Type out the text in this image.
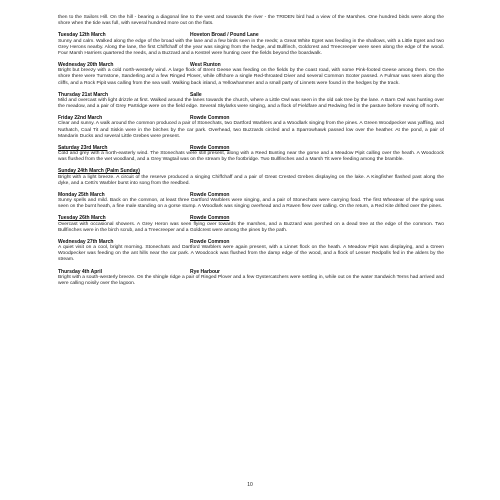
then to the Sailors Hill. On the hill - bearing a diagonal line to the west and towards the river - the TRIDEN bird had a view of the Marshes. One hundred birds were along the shore when the tide was full, with several hundred more out on the flats.

Tuesday 12th March	Hoveton Broad / Pound Lane

Sunny and calm. Walked along the edge of the broad with the lane and a few birds seen in the reeds; a Great White Egret was feeding in the shallows, with a Little Egret and two Grey Herons nearby. Along the lane, the first Chiffchaff of the year was singing from the hedge, and Bullfinch, Goldcrest and Treecreeper were seen along the edge of the wood. Four Marsh Harriers quartered the reeds, and a Buzzard and a Kestrel were hunting over the fields beyond the boardwalk.

Wednesday 20th March	West Runton

Bright but breezy with a cold north-westerly wind. A large flock of Brent Geese was feeding on the fields by the coast road, with some Pink-footed Geese among them. On the shore there were Turnstone, Sanderling and a few Ringed Plover, while offshore a single Red-throated Diver and several Common Scoter passed. A Fulmar was seen along the cliffs, and a Rock Pipit was calling from the sea wall. Walking back inland, a Yellowhammer and a small party of Linnets were found in the hedges by the track.

Thursday 21st March	Salle

Mild and overcast with light drizzle at first. Walked around the lanes towards the church, where a Little Owl was seen in the old oak tree by the lane. A Barn Owl was hunting over the meadow, and a pair of Grey Partridge were on the field edge. Several Skylarks were singing, and a flock of Fieldfare and Redwing fed in the pasture before moving off north.

Friday 22nd March	Rowde Common

Clear and sunny. A walk around the common produced a pair of Stonechats, two Dartford Warblers and a Woodlark singing from the pines. A Green Woodpecker was yaffling, and Nuthatch, Coal Tit and Siskin were in the birches by the car park. Overhead, two Buzzards circled and a Sparrowhawk passed low over the heather. At the pond, a pair of Mandarin Ducks and several Little Grebes were present.

Saturday 23rd March	Rowde Common

Cold and grey with a north-easterly wind. The Stonechats were still present, along with a Reed Bunting near the gorse and a Meadow Pipit calling over the heath. A Woodcock was flushed from the wet woodland, and a Grey Wagtail was on the stream by the footbridge. Two Bullfinches and a Marsh Tit were feeding among the bramble.

Sunday 24th March (Palm Sunday)

Bright with a light breeze. A circuit of the reserve produced a singing Chiffchaff and a pair of Great Crested Grebes displaying on the lake. A Kingfisher flashed past along the dyke, and a Cetti's Warbler burst into song from the reedbed.

Monday 25th March	Rowde Common

Sunny spells and mild. Back on the common, at least three Dartford Warblers were singing, and a pair of Stonechats were carrying food. The first Wheatear of the spring was seen on the burnt heath, a fine male standing on a gorse stump. A Woodlark was singing overhead and a Raven flew over calling. On the return, a Red Kite drifted over the pines.

Tuesday 26th March	Rowde Common

Overcast with occasional showers. A Grey Heron was seen flying over towards the marshes, and a Buzzard was perched on a dead tree at the edge of the common. Two Bullfinches were in the birch scrub, and a Treecreeper and a Goldcrest were among the pines by the path.

Wednesday 27th March	Rowde Common

A quiet visit on a cool, bright morning. Stonechats and Dartford Warblers were again present, with a Linnet flock on the heath. A Meadow Pipit was displaying, and a Green Woodpecker was feeding on the ant hills near the car park. A Woodcock was flushed from the damp edge of the wood, and a flock of Lesser Redpolls fed in the alders by the stream.

Thursday 4th April	Rye Harbour

Bright with a south-westerly breeze. On the shingle ridge a pair of Ringed Plover and a few Oystercatchers were settling in, while out on the water Sandwich Terns had arrived and were calling noisily over the lagoon.

10
